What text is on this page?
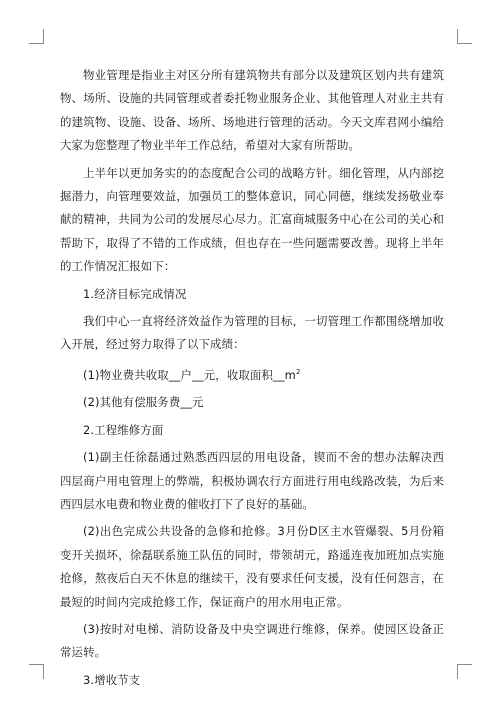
物业管理是指业主对区分所有建筑物共有部分以及建筑区划内共有建筑物、场所、设施的共同管理或者委托物业服务企业、其他管理人对业主共有的建筑物、设施、设备、场所、场地进行管理的活动。今天文库君网小编给大家为您整理了物业半年工作总结，希望对大家有所帮助。

上半年以更加务实的的态度配合公司的战略方针。细化管理，从内部挖掘潜力，向管理要效益，加强员工的整体意识，同心同德，继续发扬敬业奉献的精神，共同为公司的发展尽心尽力。汇富商城服务中心在公司的关心和帮助下，取得了不错的工作成绩，但也存在一些问题需要改善。现将上半年的工作情况汇报如下：

1.经济目标完成情况

我们中心一直将经济效益作为管理的目标，一切管理工作都围绕增加收入开展，经过努力取得了以下成绩：

(1)物业费共收取__户__元，收取面积$\_\_m^2$

(2)其他有偿服务费__元

2.工程维修方面

(1)副主任徐磊通过熟悉西四层的用电设备，锲而不舍的想办法解决西四层商户用电管理上的弊端，积极协调农行方面进行用电线路改装，为后来西四层水电费和物业费的催收打下了良好的基础。

(2)出色完成公共设备的急修和抢修。3月份D区主水管爆裂、5月份箱变开关损坏，徐磊联系施工队伍的同时，带领胡元，路遥连夜加班加点实施抢修，熬夜后白天不休息的继续干，没有要求任何支援，没有任何怨言，在最短的时间内完成抢修工作，保证商户的用水用电正常。

(3)按时对电梯、消防设备及中央空调进行维修，保养。使园区设备正常运转。

3.增收节支
